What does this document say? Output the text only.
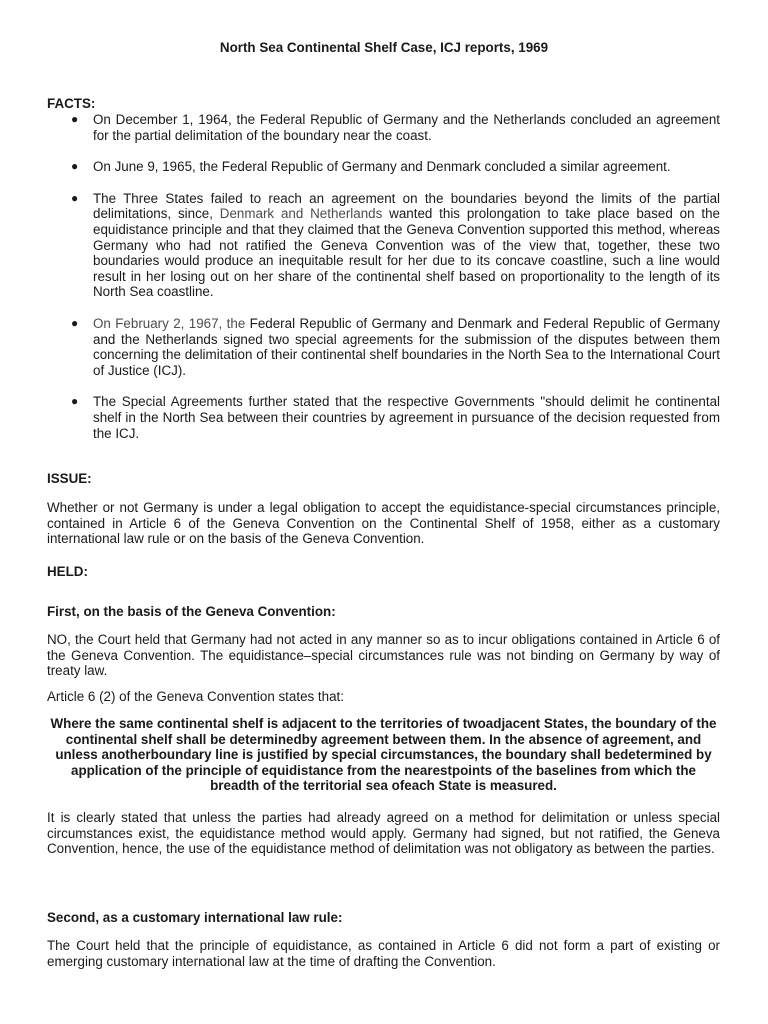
North Sea Continental Shelf Case, ICJ reports, 1969
FACTS:
● On December 1, 1964, the Federal Republic of Germany and the Netherlands concluded an agreement for the partial delimitation of the boundary near the coast.
● On June 9, 1965, the Federal Republic of Germany and Denmark concluded a similar agreement.
● The Three States failed to reach an agreement on the boundaries beyond the limits of the partial delimitations, since, Denmark and Netherlands wanted this prolongation to take place based on the equidistance principle and that they claimed that the Geneva Convention supported this method, whereas Germany who had not ratified the Geneva Convention was of the view that, together, these two boundaries would produce an inequitable result for her due to its concave coastline, such a line would result in her losing out on her share of the continental shelf based on proportionality to the length of its North Sea coastline.
● On February 2, 1967, the Federal Republic of Germany and Denmark and Federal Republic of Germany and the Netherlands signed two special agreements for the submission of the disputes between them concerning the delimitation of their continental shelf boundaries in the North Sea to the International Court of Justice (ICJ).
● The Special Agreements further stated that the respective Governments "should delimit he continental shelf in the North Sea between their countries by agreement in pursuance of the decision requested from the ICJ.
ISSUE:
Whether or not Germany is under a legal obligation to accept the equidistance-special circumstances principle, contained in Article 6 of the Geneva Convention on the Continental Shelf of 1958, either as a customary international law rule or on the basis of the Geneva Convention.
HELD:
First, on the basis of the Geneva Convention:
NO, the Court held that Germany had not acted in any manner so as to incur obligations contained in Article 6 of the Geneva Convention. The equidistance–special circumstances rule was not binding on Germany by way of treaty law.
Article 6 (2) of the Geneva Convention states that:
Where the same continental shelf is adjacent to the territories of twoadjacent States, the boundary of the continental shelf shall be determinedby agreement between them. In the absence of agreement, and unless anotherboundary line is justified by special circumstances, the boundary shall bedetermined by application of the principle of equidistance from the nearestpoints of the baselines from which the breadth of the territorial sea ofeach State is measured.
It is clearly stated that unless the parties had already agreed on a method for delimitation or unless special circumstances exist, the equidistance method would apply. Germany had signed, but not ratified, the Geneva Convention, hence, the use of the equidistance method of delimitation was not obligatory as between the parties.
Second, as a customary international law rule:
The Court held that the principle of equidistance, as contained in Article 6 did not form a part of existing or emerging customary international law at the time of drafting the Convention.
